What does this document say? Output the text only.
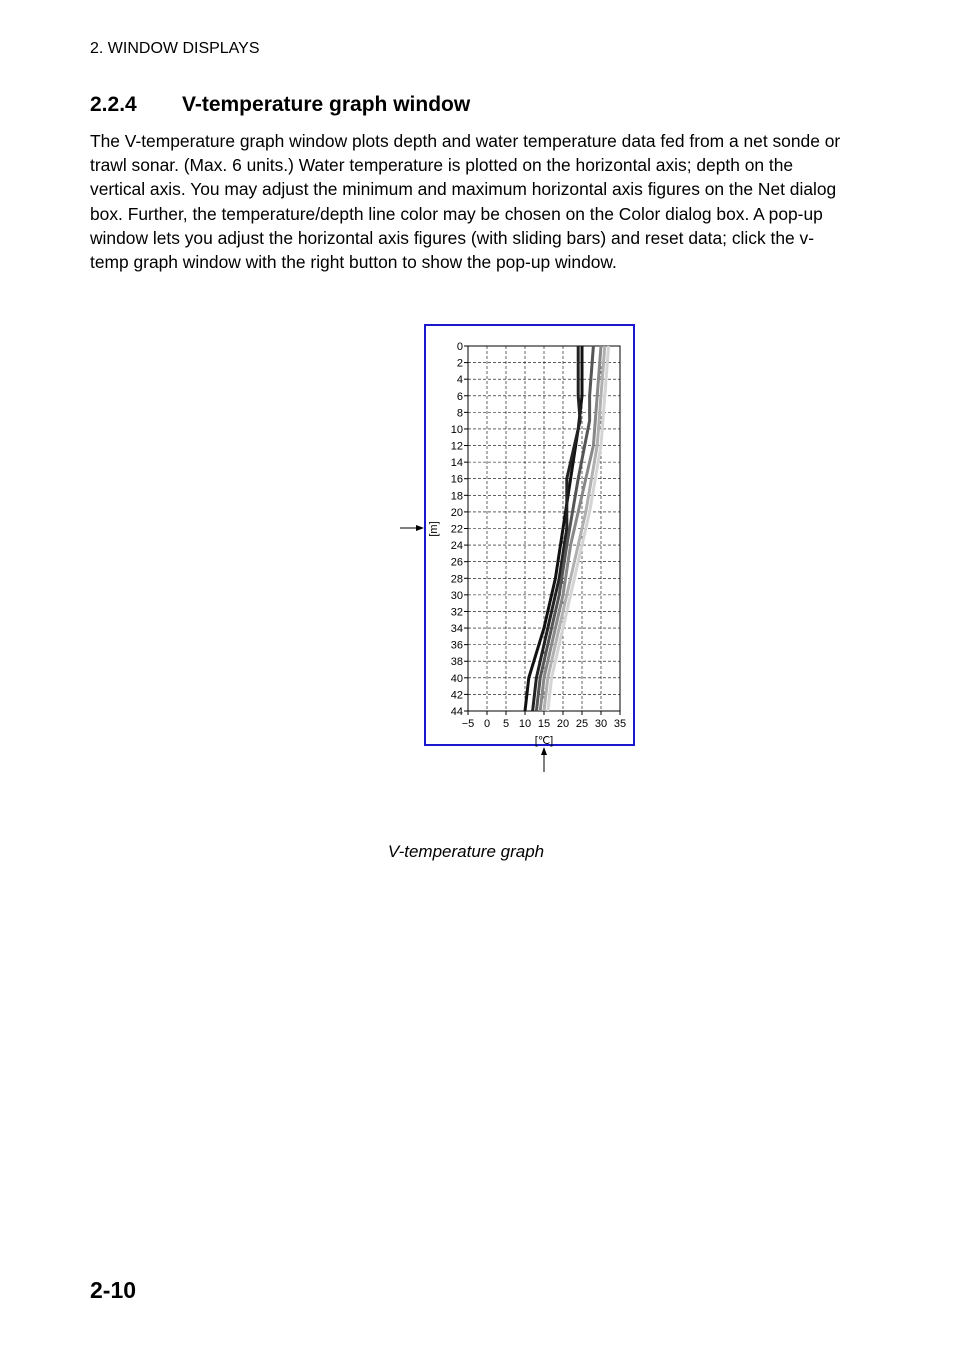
2. WINDOW DISPLAYS
2.2.4 V-temperature graph window

The V-temperature graph window plots depth and water temperature data fed from a net sonde or trawl sonar. (Max. 6 units.) Water temperature is plotted on the horizontal axis; depth on the vertical axis. You may adjust the minimum and maximum horizontal axis figures on the Net dialog box. Further, the temperature/depth line color may be chosen on the Color dialog box. A pop-up window lets you adjust the horizontal axis figures (with sliding bars) and reset data; click the v-temp graph window with the right button to show the pop-up window.

−5 0 5 10 15 20 25 30 35
0
2
4
6
8
10
12
14
16
18
20
22
24
26
28
30
32
34
36
38
40
42
44
[℃]
[m]
V-temperature graph
2-10
